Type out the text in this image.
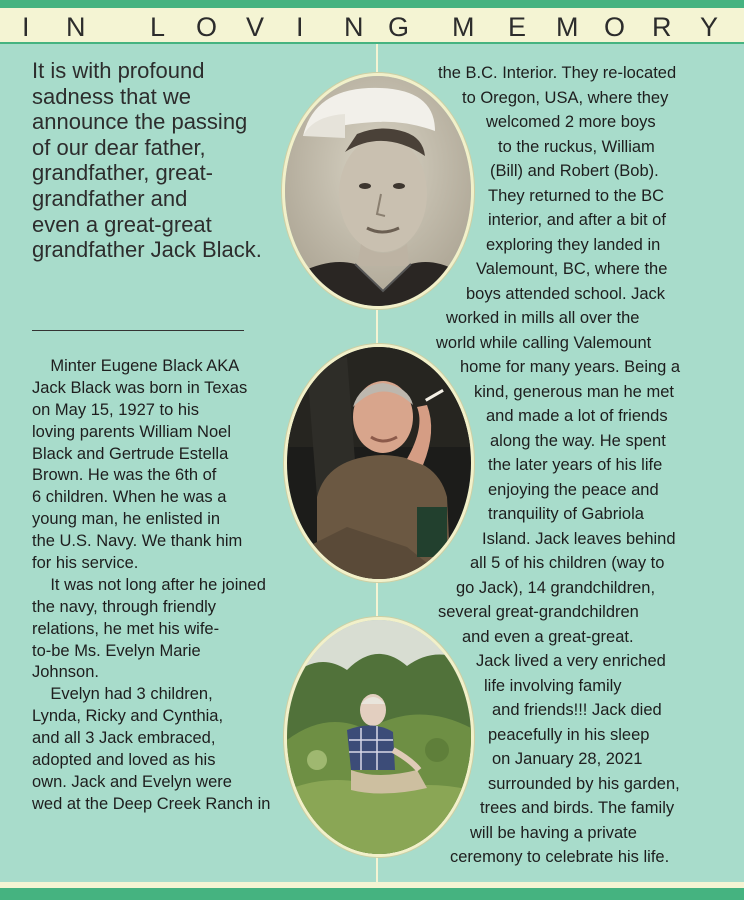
I N L O V I N G M E M O R Y
It is with profound
sadness that we
announce the passing
of our dear father,
grandfather, great-
grandfather and
even a great-great
grandfather Jack Black.
Minter Eugene Black AKA
Jack Black was born in Texas
on May 15, 1927 to his
loving parents William Noel
Black and Gertrude Estella
Brown. He was the 6th of
6 children. When he was a
young man, he enlisted in
the U.S. Navy. We thank him
for his service.
It was not long after he joined
the navy, through friendly
relations, he met his wife-
to-be Ms. Evelyn Marie
Johnson.
Evelyn had 3 children,
Lynda, Ricky and Cynthia,
and all 3 Jack embraced,
adopted and loved as his
own. Jack and Evelyn were
wed at the Deep Creek Ranch in
the B.C. Interior. They re-located
to Oregon, USA, where they
welcomed 2 more boys
to the ruckus, William
(Bill) and Robert (Bob).
They returned to the BC
interior, and after a bit of
exploring they landed in
Valemount, BC, where the
boys attended school. Jack
worked in mills all over the
world while calling Valemount
home for many years. Being a
kind, generous man he met
and made a lot of friends
along the way. He spent
the later years of his life
enjoying the peace and
tranquility of Gabriola
Island. Jack leaves behind
all 5 of his children (way to
go Jack), 14 grandchildren,
several great-grandchildren
and even a great-great.
Jack lived a very enriched
life involving family
and friends!!! Jack died
peacefully in his sleep
on January 28, 2021
surrounded by his garden,
trees and birds. The family
will be having a private
ceremony to celebrate his life.
